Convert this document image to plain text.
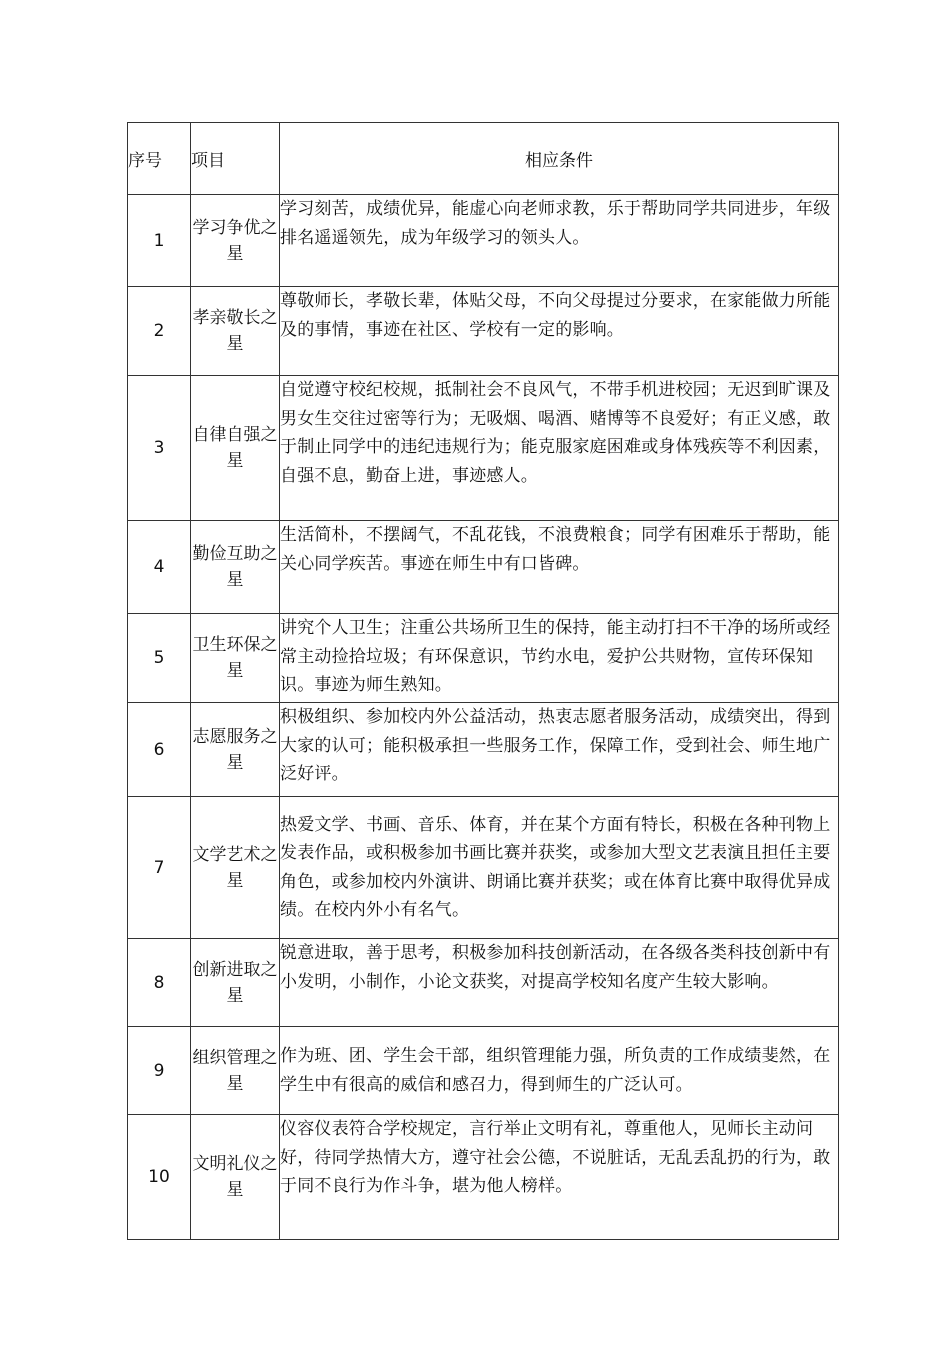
序号	项目	相应条件
1	学习争优之星	学习刻苦，成绩优异，能虚心向老师求教，乐于帮助同学共同进步，年级排名遥遥领先，成为年级学习的领头人。
2	孝亲敬长之星	尊敬师长，孝敬长辈，体贴父母，不向父母提过分要求，在家能做力所能及的事情，事迹在社区、学校有一定的影响。
3	自律自强之星	自觉遵守校纪校规，抵制社会不良风气，不带手机进校园；无迟到旷课及男女生交往过密等行为；无吸烟、喝酒、赌博等不良爱好；有正义感，敢于制止同学中的违纪违规行为；能克服家庭困难或身体残疾等不利因素，自强不息，勤奋上进，事迹感人。
4	勤俭互助之星	生活简朴，不摆阔气，不乱花钱，不浪费粮食；同学有困难乐于帮助，能关心同学疾苦。事迹在师生中有口皆碑。
5	卫生环保之星	讲究个人卫生；注重公共场所卫生的保持，能主动打扫不干净的场所或经常主动捡拾垃圾；有环保意识，节约水电，爱护公共财物，宣传环保知识。事迹为师生熟知。
6	志愿服务之星	积极组织、参加校内外公益活动，热衷志愿者服务活动，成绩突出，得到大家的认可；能积极承担一些服务工作，保障工作，受到社会、师生地广泛好评。
7	文学艺术之星	热爱文学、书画、音乐、体育，并在某个方面有特长，积极在各种刊物上发表作品，或积极参加书画比赛并获奖，或参加大型文艺表演且担任主要角色，或参加校内外演讲、朗诵比赛并获奖；或在体育比赛中取得优异成绩。在校内外小有名气。
8	创新进取之星	锐意进取，善于思考，积极参加科技创新活动，在各级各类科技创新中有小发明，小制作，小论文获奖，对提高学校知名度产生较大影响。
9	组织管理之星	作为班、团、学生会干部，组织管理能力强，所负责的工作成绩斐然，在学生中有很高的威信和感召力，得到师生的广泛认可。
10	文明礼仪之星	仪容仪表符合学校规定，言行举止文明有礼，尊重他人，见师长主动问好，待同学热情大方，遵守社会公德，不说脏话，无乱丢乱扔的行为，敢于同不良行为作斗争，堪为他人榜样。
